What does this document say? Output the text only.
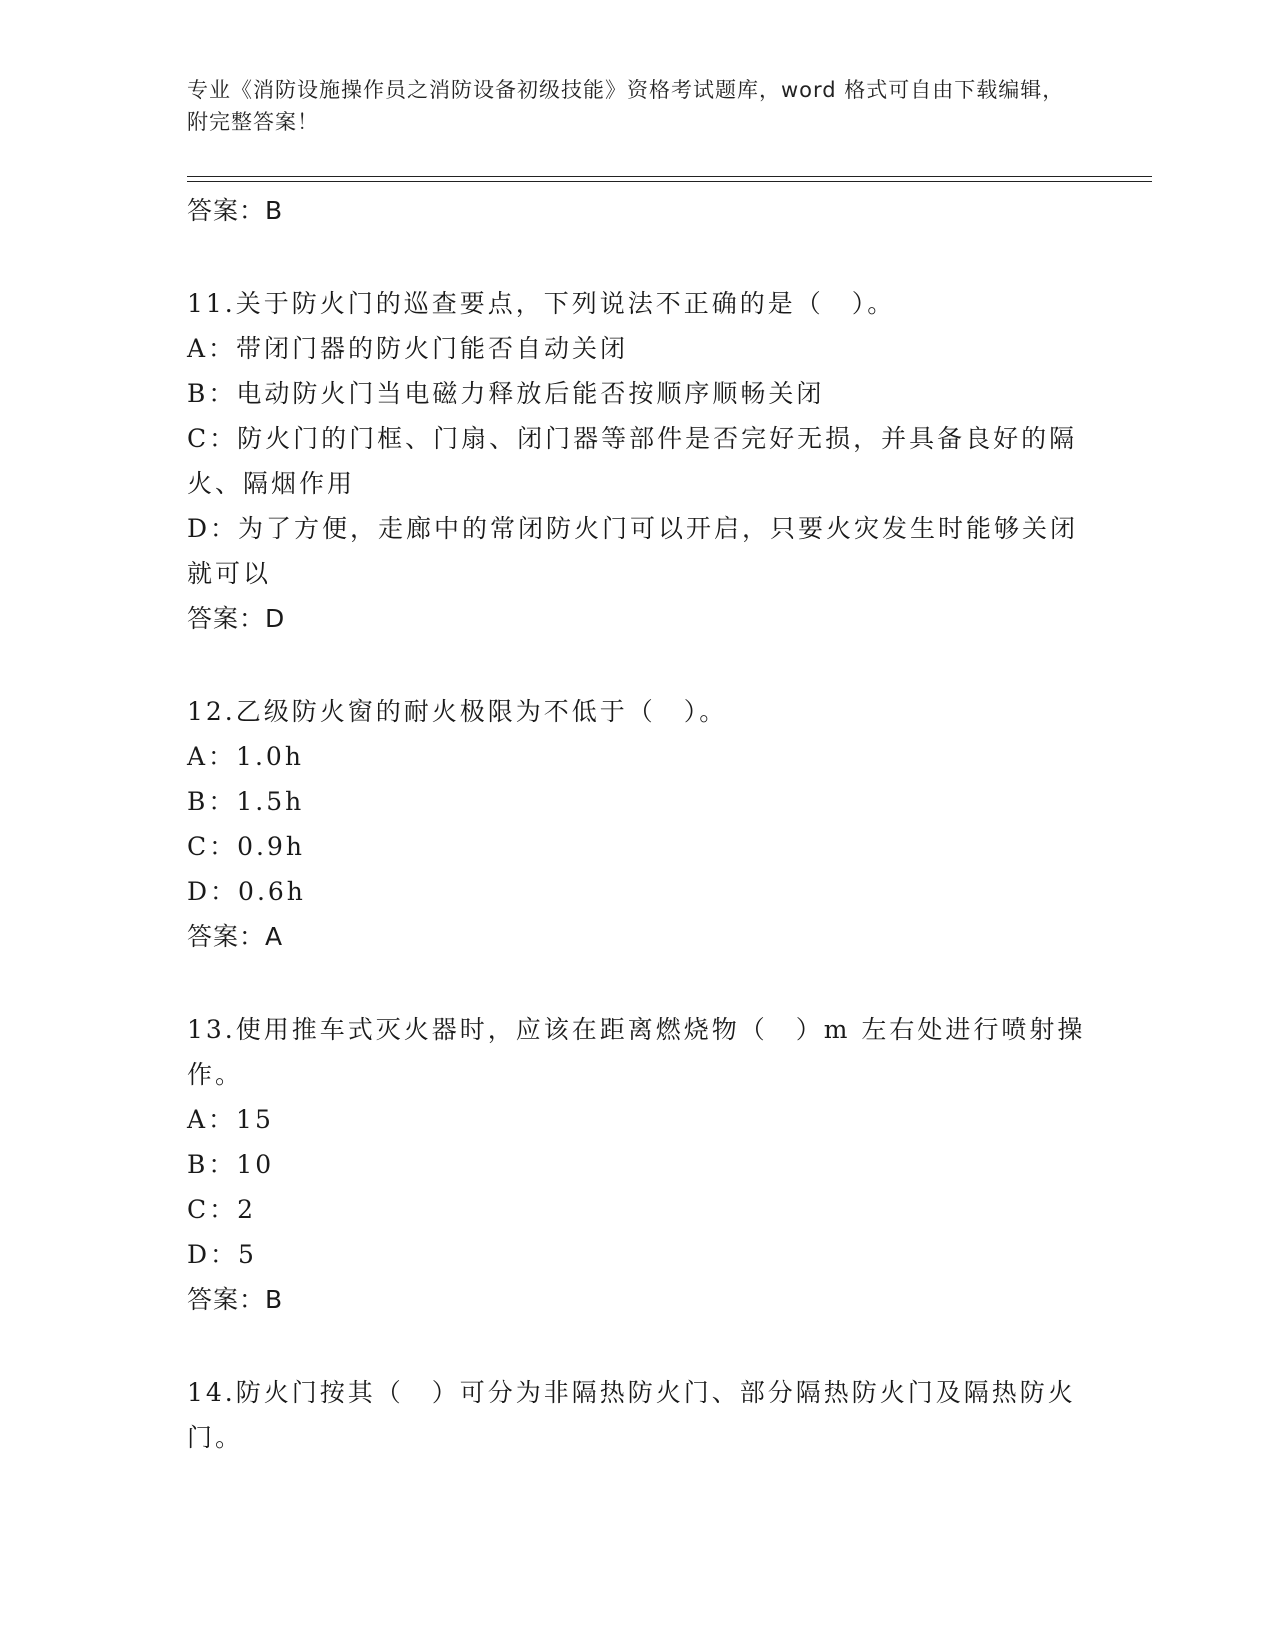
专业《消防设施操作员之消防设备初级技能》资格考试题库，word 格式可自由下载编辑，附完整答案！
答案：B

11.关于防火门的巡查要点，下列说法不正确的是（　）。

A：带闭门器的防火门能否自动关闭

B：电动防火门当电磁力释放后能否按顺序顺畅关闭

C：防火门的门框、门扇、闭门器等部件是否完好无损，并具备良好的隔火、隔烟作用

D：为了方便，走廊中的常闭防火门可以开启，只要火灾发生时能够关闭就可以

答案：D

12.乙级防火窗的耐火极限为不低于（　）。

A：1.0h

B：1.5h

C：0.9h

D：0.6h

答案：A

13.使用推车式灭火器时，应该在距离燃烧物（　）m 左右处进行喷射操作。

A：15

B：10

C：2

D：5

答案：B

14.防火门按其（　）可分为非隔热防火门、部分隔热防火门及隔热防火门。
